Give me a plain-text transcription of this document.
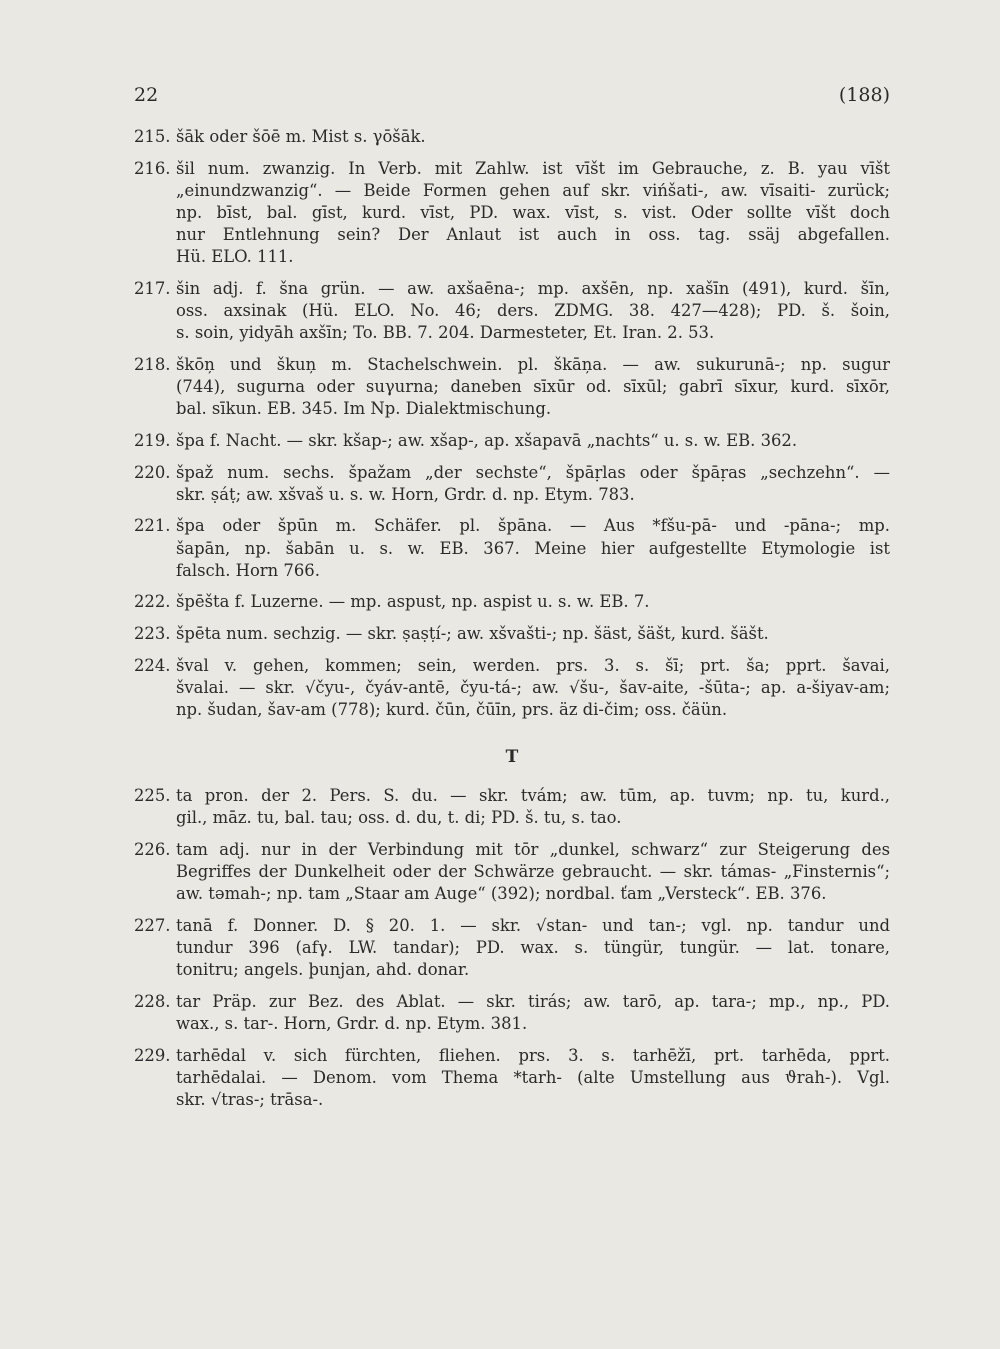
22	(188)
215. šāk oder šōē m. Mist s. γōšāk.
216. šil num. zwanzig. In Verb. mit Zahlw. ist vīšt im Gebrauche, z. B. yau vīšt
„einundzwanzig“. — Beide Formen gehen auf skr. vińšati-, aw. vīsaiti- zurück;
np. bīst, bal. gīst, kurd. vīst, PD. wax. vīst, s. vist. Oder sollte vīšt doch
nur Entlehnung sein? Der Anlaut ist auch in oss. tag. ssäj abgefallen.
Hü. ELO. 111.
217. šin adj. f. šna grün. — aw. axšaēna-; mp. axšēn, np. xašīn (491), kurd. šīn,
oss. axsinak (Hü. ELO. No. 46; ders. ZDMG. 38. 427—428); PD. š. šoin,
s. soin, yidyāh axšīn; To. BB. 7. 204. Darmesteter, Et. Iran. 2. 53.
218. škōņ und škuņ m. Stachelschwein. pl. škāņa. — aw. sukurunā-; np. sugur
(744), sugurna oder suγurna; daneben sīxūr od. sīxūl; gabrī sīxur, kurd. sīxōr,
bal. sīkun. EB. 345. Im Np. Dialektmischung.
219. špa f. Nacht. — skr. kšap-; aw. xšap-, ap. xšapavā „nachts“ u. s. w. EB. 362.
220. špaž num. sechs. špažam „der sechste“, špāṛlas oder špāṛas „sechzehn“. —
skr. ṣáṭ; aw. xšvaš u. s. w. Horn, Grdr. d. np. Etym. 783.
221. špa oder špūn m. Schäfer. pl. špāna. — Aus *fšu-pā- und -pāna-; mp.
šapān, np. šabān u. s. w. EB. 367. Meine hier aufgestellte Etymologie ist
falsch. Horn 766.
222. špēšta f. Luzerne. — mp. aspust, np. aspist u. s. w. EB. 7.
223. špēta num. sechzig. — skr. ṣaṣṭí-; aw. xšvašti-; np. šäst, šäšt, kurd. šäšt.
224. šval v. gehen, kommen; sein, werden. prs. 3. s. šī; prt. ša; pprt. šavai,
švalai. — skr. √čyu-, čyáv-antē, čyu-tá-; aw. √šu-, šav-aite, -šūta-; ap. a-šiyav-am;
np. šudan, šav-am (778); kurd. čūn, čūīn, prs. äz di-čim; oss. čäün.
T
225. ta pron. der 2. Pers. S. du. — skr. tvám; aw. tūm, ap. tuvm; np. tu, kurd.,
gil., māz. tu, bal. tau; oss. d. du, t. di; PD. š. tu, s. tao.
226. tam adj. nur in der Verbindung mit tōr „dunkel, schwarz“ zur Steigerung des
Begriffes der Dunkelheit oder der Schwärze gebraucht. — skr. támas- „Finsternis“;
aw. təmah-; np. tam „Staar am Auge“ (392); nordbal. ťam „Versteck“. EB. 376.
227. tanā f. Donner. D. § 20. 1. — skr. √stan- und tan-; vgl. np. tandur und
tundur 396 (afγ. LW. tandar); PD. wax. s. tüngür, tungür. — lat. tonare,
tonitru; angels. þunjan, ahd. donar.
228. tar Präp. zur Bez. des Ablat. — skr. tirás; aw. tarō, ap. tara-; mp., np., PD.
wax., s. tar-. Horn, Grdr. d. np. Etym. 381.
229. tarhēdal v. sich fürchten, fliehen. prs. 3. s. tarhēžī, prt. tarhēda, pprt.
tarhēdalai. — Denom. vom Thema *tarh- (alte Umstellung aus ϑrah-). Vgl.
skr. √tras-; trāsa-.
